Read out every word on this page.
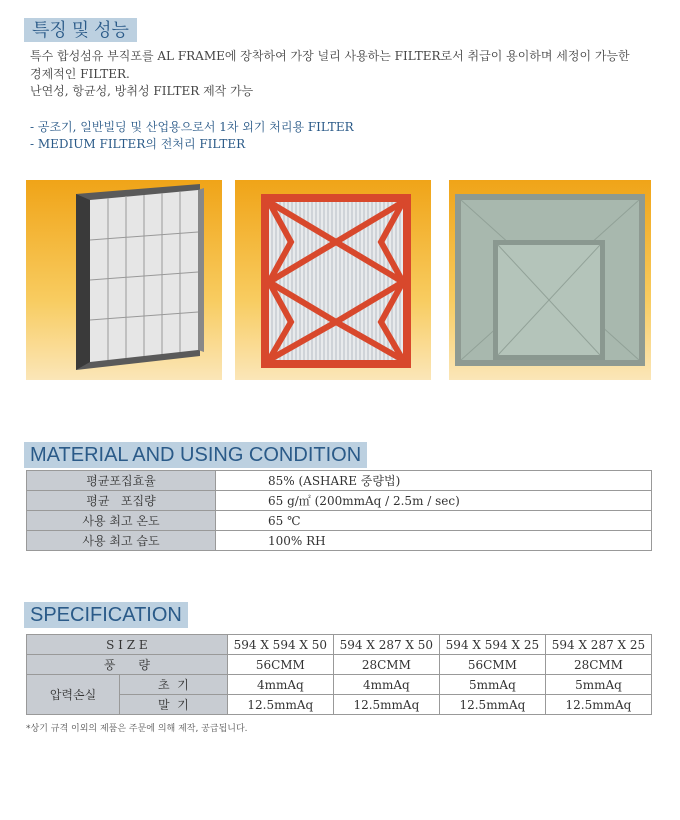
특징 및 성능
특수 합성섬유 부직포를 AL FRAME에 장착하여 가장 널리 사용하는 FILTER로서 취급이 용이하며 세정이 가능한
경제적인 FILTER.
난연성, 항균성, 방취성 FILTER 제작 가능
- 공조기, 일반빌딩 및 산업용으로서 1차 외기 처리용 FILTER
- MEDIUM FILTER의 전처리 FILTER
MATERIAL AND USING CONDITION
평균포집효율	85% (ASHARE 중량법)
평균   포집량	65 g/㎡ (200mmAq / 2.5m / sec)
사용 최고 온도	65 ℃
사용 최고 습도	100% RH
SPECIFICATION
S I Z E		594 X 594 X 50	594 X 287 X 50	594 X 594 X 25	594 X 287 X 25
풍      량		56CMM	28CMM	56CMM	28CMM
압력손실	초  기	4mmAq	4mmAq	5mmAq	5mmAq
	말  기	12.5mmAq	12.5mmAq	12.5mmAq	12.5mmAq
*상기 규격 이외의 제품은 주문에 의해 제작, 공급됩니다.
